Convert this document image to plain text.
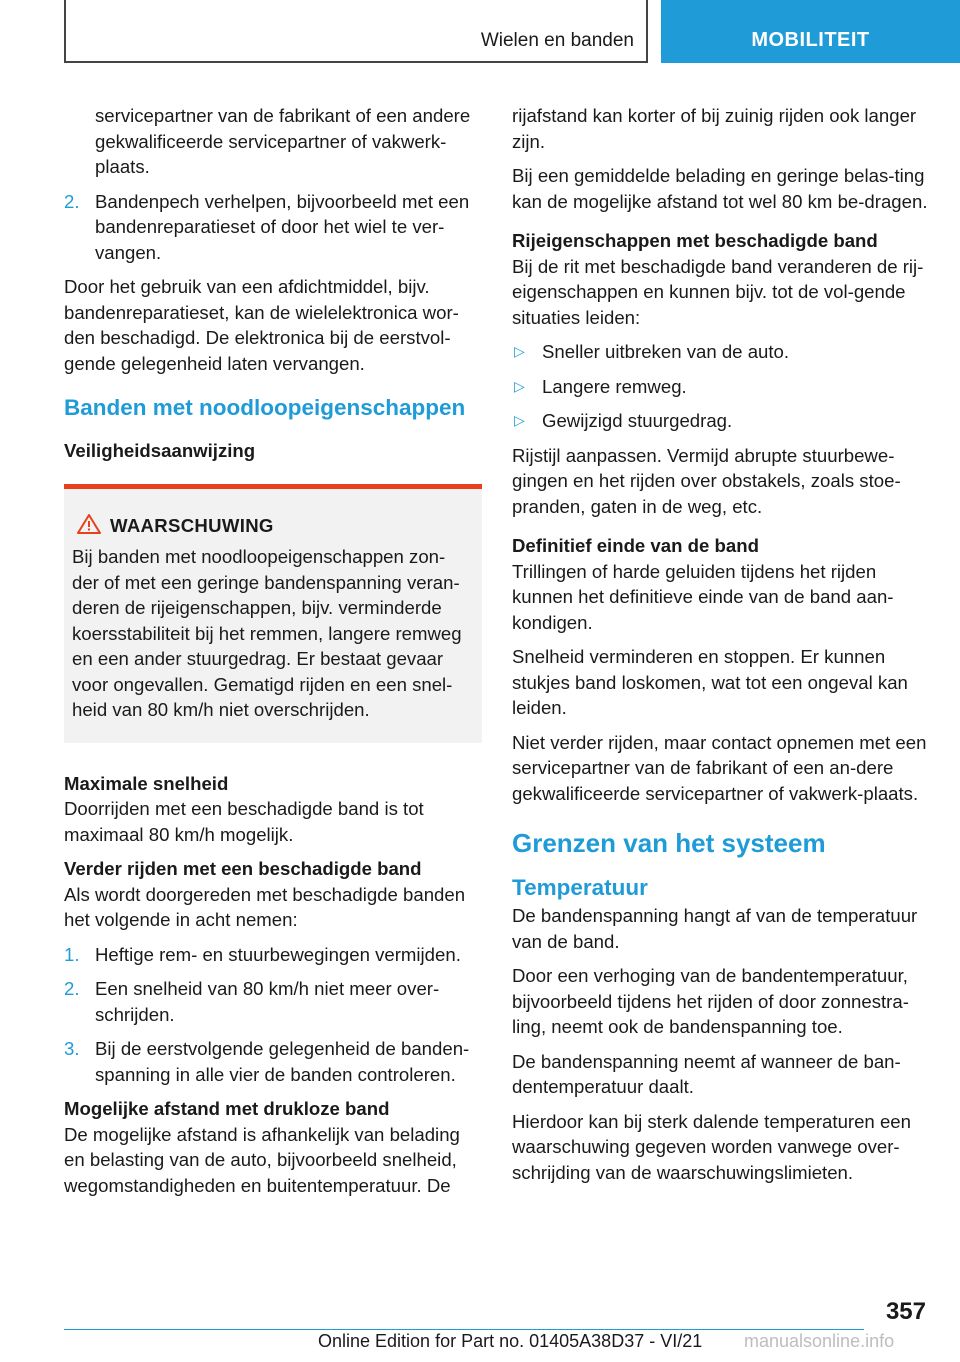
Wielen en banden	MOBILITEIT

servicepartner van de fabrikant of een andere gekwalificeerde servicepartner of vakwerk-plaats.

2. Bandenpech verhelpen, bijvoorbeeld met een bandenreparatieset of door het wiel te ver-vangen.

Door het gebruik van een afdichtmiddel, bijv. bandenreparatieset, kan de wielelektronica wor-den beschadigd. De elektronica bij de eerstvol-gende gelegenheid laten vervangen.

Banden met noodloopeigenschappen
Veiligheidsaanwijzing
WAARSCHUWING
Bij banden met noodloopeigenschappen zon-der of met een geringe bandenspanning veran-deren de rijeigenschappen, bijv. verminderde koersstabiliteit bij het remmen, langere remweg en een ander stuurgedrag. Er bestaat gevaar voor ongevallen. Gematigd rijden en een snel-heid van 80 km/h niet overschrijden.
Maximale snelheid

Doorrijden met een beschadigde band is tot maximaal 80 km/h mogelijk.

Verder rijden met een beschadigde band

Als wordt doorgereden met beschadigde banden het volgende in acht nemen:

1. Heftige rem- en stuurbewegingen vermijden.
2. Een snelheid van 80 km/h niet meer over-schrijden.
3. Bij de eerstvolgende gelegenheid de banden-spanning in alle vier de banden controleren.
Mogelijke afstand met drukloze band

De mogelijke afstand is afhankelijk van belading en belasting van de auto, bijvoorbeeld snelheid, wegomstandigheden en buitentemperatuur. De

rijafstand kan korter of bij zuinig rijden ook langer zijn.

Bij een gemiddelde belading en geringe belas-ting kan de mogelijke afstand tot wel 80 km be-dragen.

Rijeigenschappen met beschadigde band

Bij de rit met beschadigde band veranderen de rij-eigenschappen en kunnen bijv. tot de vol-gende situaties leiden:

▷ Sneller uitbreken van de auto.
▷ Langere remweg.
▷ Gewijzigd stuurgedrag.

Rijstijl aanpassen. Vermijd abrupte stuurbewe-gingen en het rijden over obstakels, zoals stoe-pranden, gaten in de weg, etc.

Definitief einde van de band

Trillingen of harde geluiden tijdens het rijden kunnen het definitieve einde van de band aan-kondigen.

Snelheid verminderen en stoppen. Er kunnen stukjes band loskomen, wat tot een ongeval kan leiden.

Niet verder rijden, maar contact opnemen met een servicepartner van de fabrikant of een an-dere gekwalificeerde servicepartner of vakwerk-plaats.

Grenzen van het systeem
Temperatuur

De bandenspanning hangt af van de temperatuur van de band.

Door een verhoging van de bandentemperatuur, bijvoorbeeld tijdens het rijden of door zonnestra-ling, neemt ook de bandenspanning toe.

De bandenspanning neemt af wanneer de ban-dentemperatuur daalt.

Hierdoor kan bij sterk dalende temperaturen een waarschuwing gegeven worden vanwege over-schrijding van de waarschuwingslimieten.

357
Online Edition for Part no. 01405A38D37 - VI/21 manualsonline.info
